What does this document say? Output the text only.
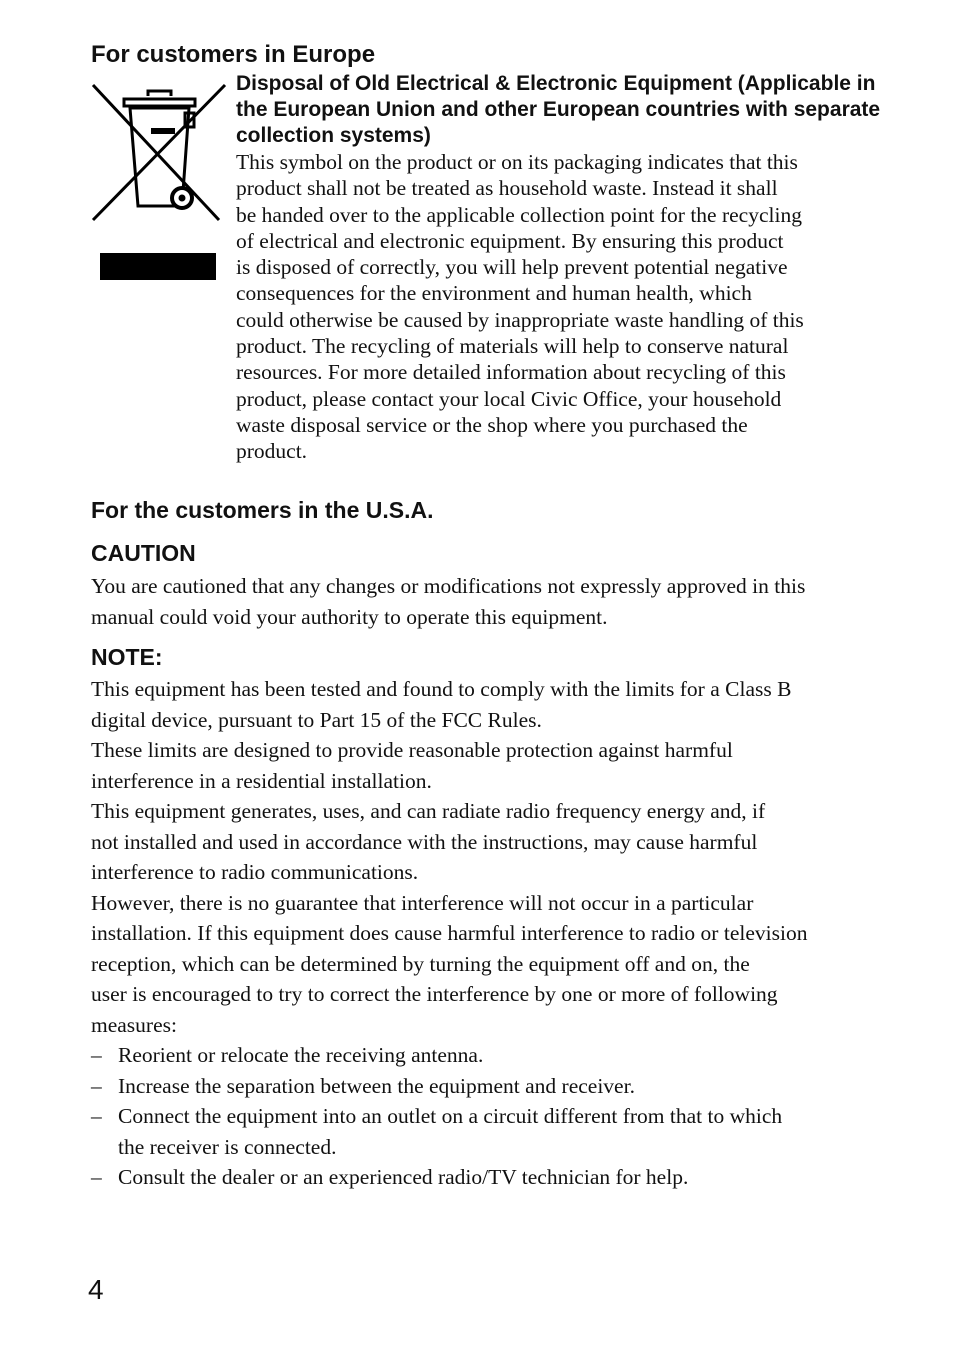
For customers in Europe

Disposal of Old Electrical & Electronic Equipment (Applicable in the European Union and other European countries with separate collection systems)

This symbol on the product or on its packaging indicates that this
product shall not be treated as household waste. Instead it shall
be handed over to the applicable collection point for the recycling
of electrical and electronic equipment. By ensuring this product
is disposed of correctly, you will help prevent potential negative
consequences for the environment and human health, which
could otherwise be caused by inappropriate waste handling of this
product. The recycling of materials will help to conserve natural
resources. For more detailed information about recycling of this
product, please contact your local Civic Office, your household
waste disposal service or the shop where you purchased the
product.
For the customers in the U.S.A.
CAUTION
You are cautioned that any changes or modifications not expressly approved in this
manual could void your authority to operate this equipment.
NOTE:
This equipment has been tested and found to comply with the limits for a Class B
digital device, pursuant to Part 15 of the FCC Rules.
These limits are designed to provide reasonable protection against harmful
interference in a residential installation.
This equipment generates, uses, and can radiate radio frequency energy and, if
not installed and used in accordance with the instructions, may cause harmful
interference to radio communications.
However, there is no guarantee that interference will not occur in a particular
installation. If this equipment does cause harmful interference to radio or television
reception, which can be determined by turning the equipment off and on, the
user is encouraged to try to correct the interference by one or more of following
measures:
– Reorient or relocate the receiving antenna.
– Increase the separation between the equipment and receiver.
– Connect the equipment into an outlet on a circuit different from that to which
the receiver is connected.
– Consult the dealer or an experienced radio/TV technician for help.
4
